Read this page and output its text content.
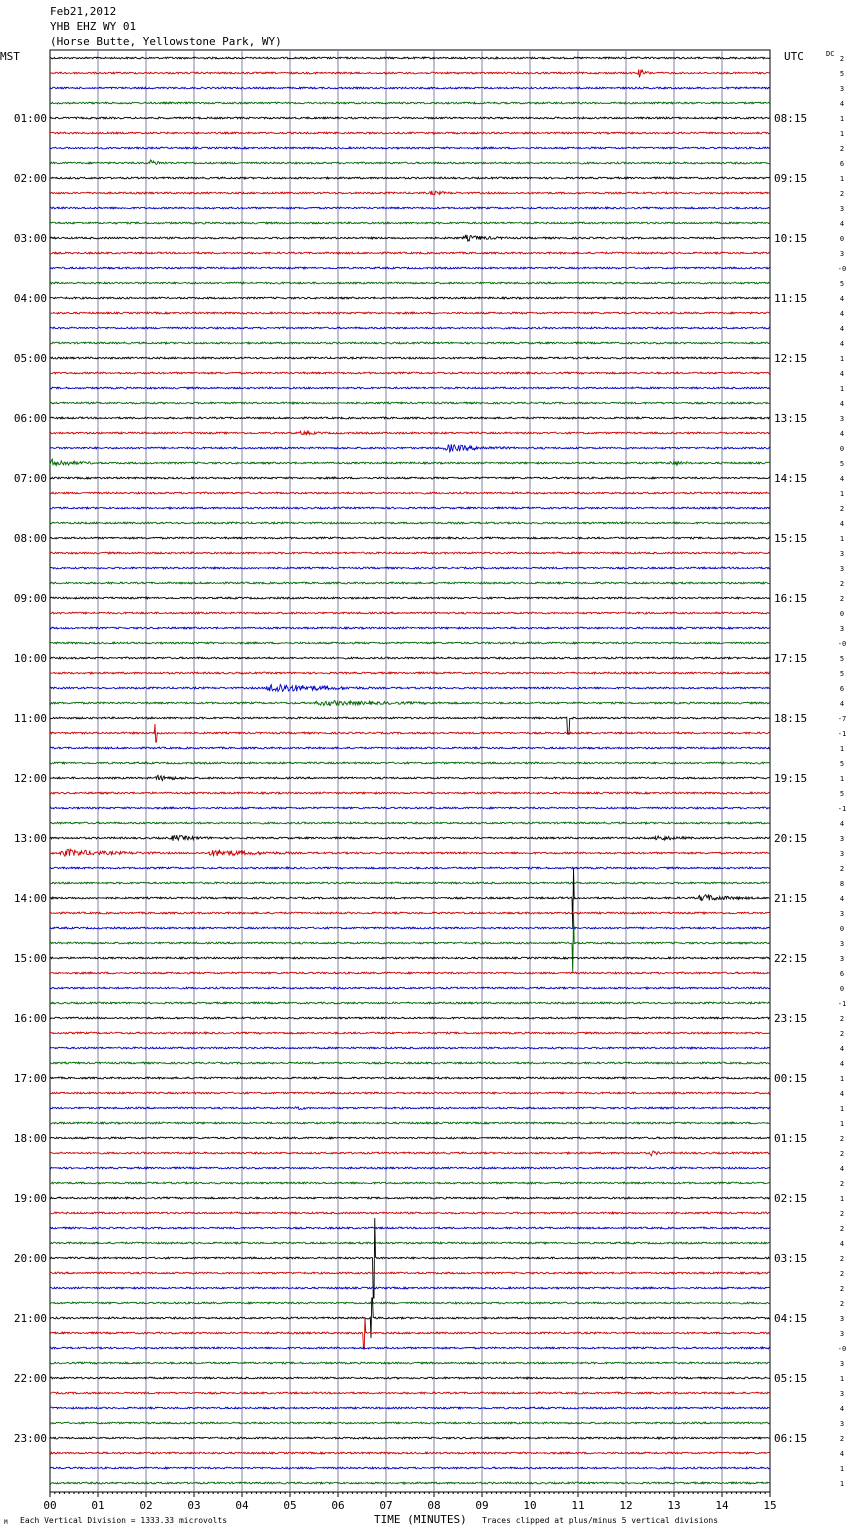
Feb21,2012
YHB EHZ WY 01
(Horse Butte, Yellowstone Park, WY)
00	01	02	03	04	05	06	07	08	09	10	11	12	13	14	15
2
5
3
4
1
1
2
6
1
2
3
4
0
3
-0
5
4
4
4
4
1
4
1
4
3
4
0
5
4
1
2
4
1
3
3
2
2
0
3
-0
5
5
6
4
-7
-1
1
5
1
5
-1
4
3
3
2
8
4
3
0
3
3
6
0
-1
2
2
4
4
1
4
1
1
2
2
4
2
1
2
2
4
2
2
2
2
3
3
-0
3
1
3
4
3
2
4
1
1
01:00
02:00
03:00
04:00
05:00
06:00
07:00
08:00
09:00
10:00
11:00
12:00
13:00
14:00
15:00
16:00
17:00
18:00
19:00
20:00
21:00
22:00
23:00
08:15
09:15
10:15
11:15
12:15
13:15
14:15
15:15
16:15
17:15
18:15
19:15
20:15
21:15
22:15
23:15
00:15
01:15
02:15
03:15
04:15
05:15
06:15
MST	UTC	DC
M Each Vertical Division = 1333.33 microvolts	TIME (MINUTES) Traces clipped at plus/minus 5 vertical divisions
